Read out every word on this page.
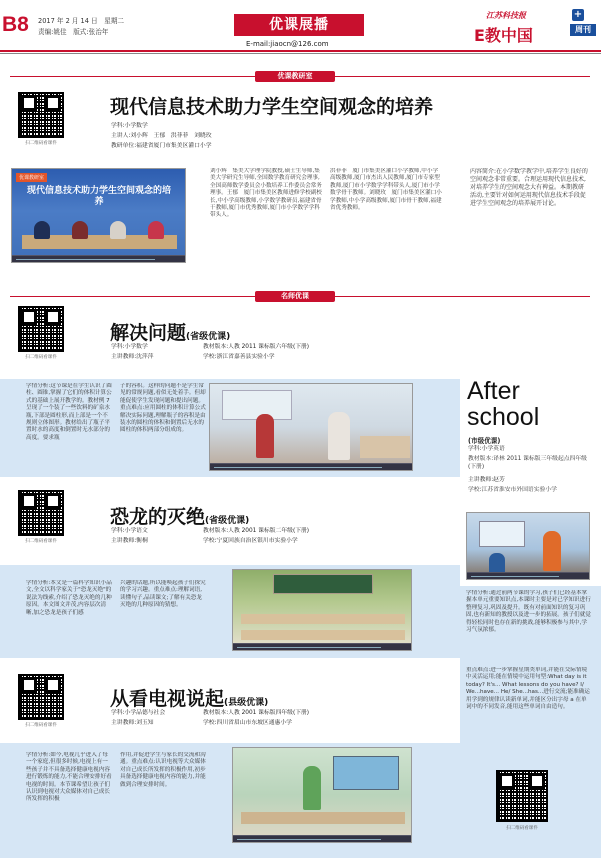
B8 2017 年 2 月 14 日　星期二
责编:姚佳　版式:张治年	优课展播
E-mail:jiaocn@126.com
江苏科技报	+
E教中国	周刊
优课教研室
扫二维码看课件
现代信息技术助力学生空间观念的培养
学科:小学数学
主讲人:刘小辉　王郁　洪菲菲　刘晓玫
教研单位:福建省厦门市集美区灌口小学
优课教研室
现代信息技术助力学生空间观念的培养
刘小辉　集美大学理学院教授,硕士生导师,集美大学研究生导师,全国数学教育研究会理事,全国高师数学委员会小数培养工作委员会常务理事。王郁　厦门市集美区教师进修学校副校长,中小学高级教师,小学数学教研员,福建省骨干教师,厦门市优秀教师,厦门市小学数学学科带头人。
洪菲菲　厦门市集美区灌口小学教师,中小学高级教师,厦门市杰出人民教师,厦门市专家型教师,厦门市小学数学学科带头人,厦门市小学数学骨干教师。刘晓玫　厦门市集美区灌口小学教师,中小学高级教师,厦门市骨干教师,福建省优秀教师。
内容简介:在小学数学教学中,培养学生良好的空间观念非常重要。合理运用现代信息技术,对培养学生的空间观念大有裨益。本期教研活动,主要针对如何运用现代信息技术手段促进学生空间观念的培养展开讨论。
名师优课
扫二维码看课件
解决问题(省级优课)
学科:小学数学	教材版本:人教 2011 课标版六年级(下册)
主讲教师:沈萍萍	学校:浙江省嘉善县实验小学
学情分析:这节课是在学生认识了圆柱、圆锥,掌握了它们的体积计算公式的基础上展开教学的。教材例 7 呈现了一个装了一些饮料的矿泉水瓶,下部是圆柱形,而上部是一个不规则立体图形。教材给出了瓶子平置时水的高度和倒置时无水部分的高度。要求瓶
子的容积。这样的问题不是学生常见的常规问题,看似无处着手。但却能促使学生发现问题和提出问题。重点难点:应用圆柱的体积计算公式解决实际问题,理解瓶子的容积是由装水的圆柱的体积和倒置后无水的圆柱的体积两部分组成的。
After
school
(市级优课)
学科:小学英语
教材版本:译林 2011 课标版三年级起点四年级(下册)
主讲教师:赵芳
学校:江苏省淮安市外国语实验小学
学情分析:通过前两节课的学习,孩子们已经基本掌握本单元重要知识点,本课时主要是对已学知识进行整理复习,巩固及提升。既有对前面知识的复习巩固,也有新知的教授以及进一步的拓展。孩子们就觉得轻松同时也存在新的挑战,能够积极参与其中,学习气氛浓郁。
重点难点:进一步掌握星期类单词,并能在交际情境中灵活运用;能在情境中运用句型:What day is it today? It's... What lessons do you have? I/ We...have... He/ She...has...进行交流;能准确运用学到的规律认读新单词,并能区分出字母 a 在单词中的不同发音,能用这些单词自由造句。
扫二维码看课件
扫二维码看课件
恐龙的灭绝(省级优课)
学科:小学语文	教材版本:人教 2001 课标版二年级(下册)
主讲教师:衡桐	学校:宁夏回族自治区银川市实验小学
学情分析:本文是一篇科学知识小品文,全文以科学家关于"恐龙灭绝"的说法为线索,介绍了恐龙灭绝的几种原因。本文图文并茂,内容层次清晰,加之恐龙是孩子们感
兴趣的话题,所以能唤起孩子们探究的学习兴趣。重点难点:理解词语,读懂句子,品读课文;了解有关恐龙灭绝的几种原因的猜想。
扫二维码看课件
从看电视说起(县级优课)
学科:小学品德与社会	教材版本:人教 2001 课标版四年级(下册)
主讲教师:刘玉知	学校:四川省眉山市东坡区通惠小学
学情分析:如今,电视几乎进入了每一个家庭,但很多时候,电视上有一些孩子并不具备选择健康电视内容进行锻炼的能力,不能合理安排好看电视的时间。本节课希望让孩子们认识到电视对大众媒体对自己成长所发挥的积极
作用,并促进学生与家长的交流和沟通。重点难点:认识电视等大众媒体对自己成长所发挥的积极作用,初步具备选择健康电视内容的能力,并能做到合理安排时间。
